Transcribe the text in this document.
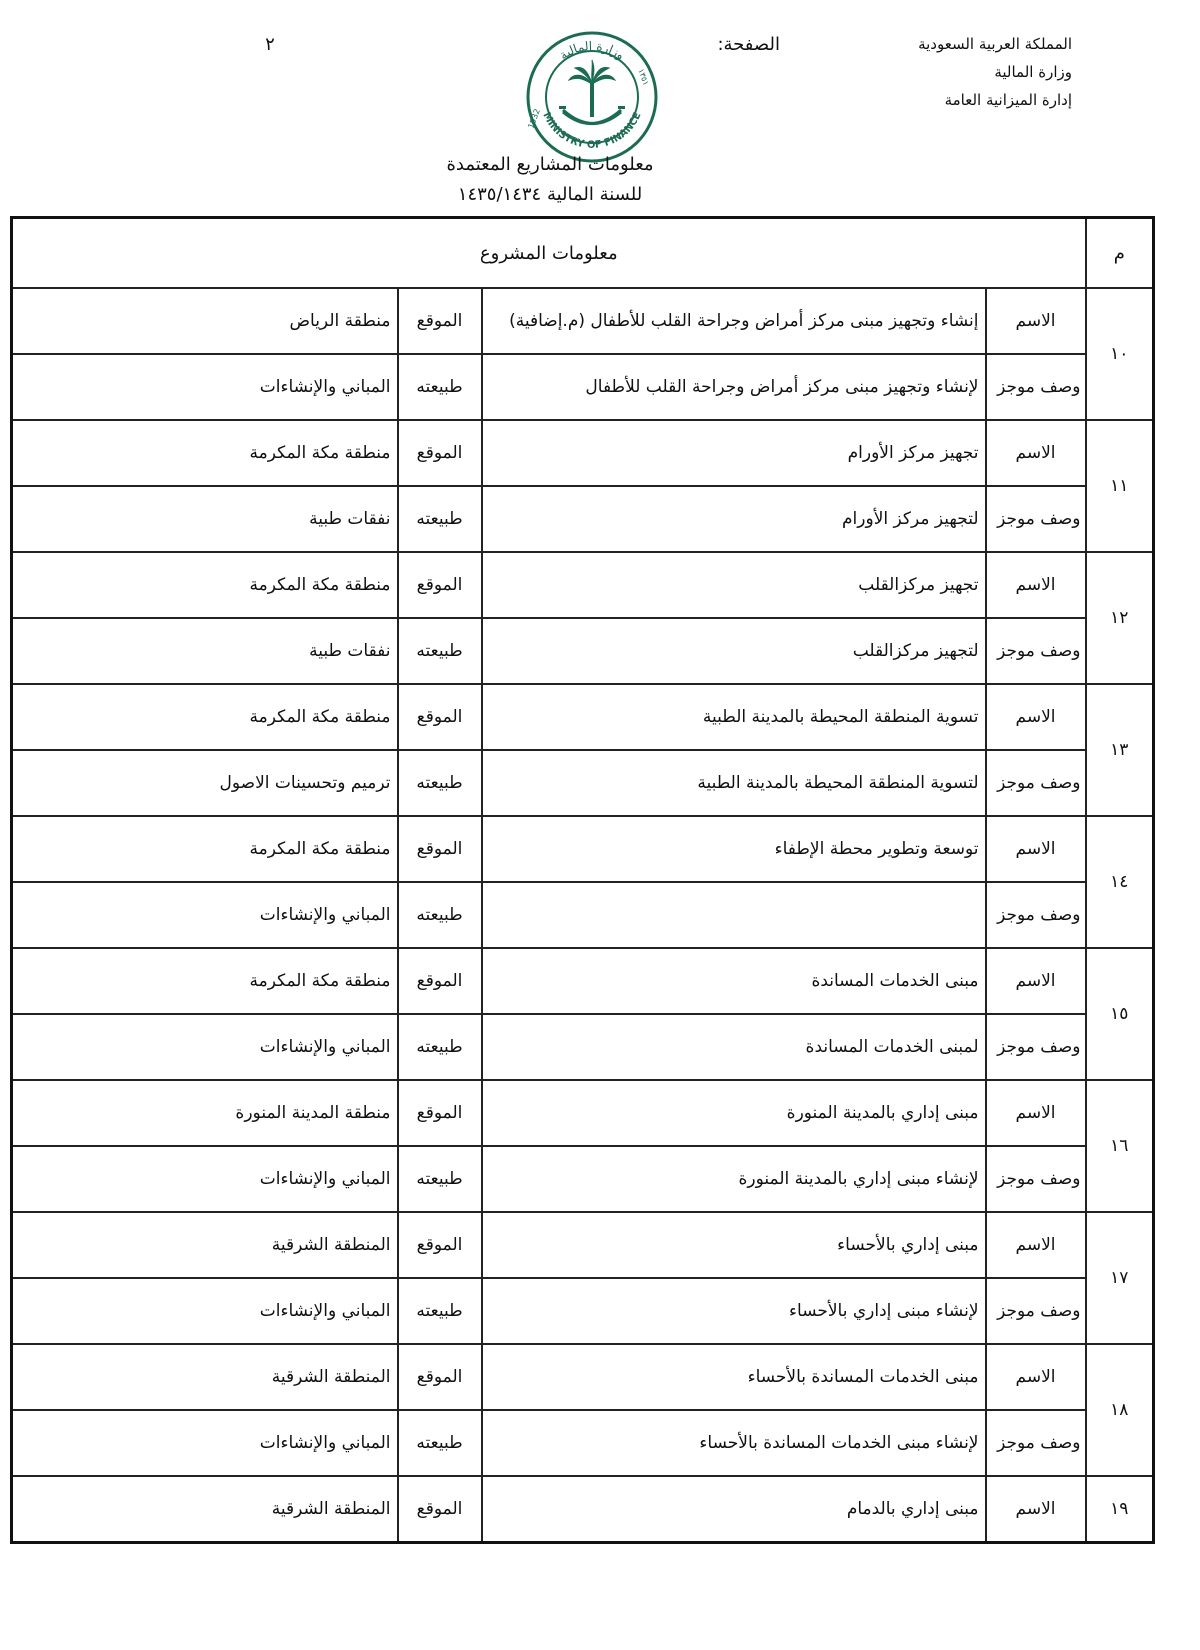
المملكة العربية السعودية
وزارة المالية
إدارة الميزانية العامة
الصفحة:
٢	وزارة المالية
MINISTRY OF FINANCE
1932
١٣٥١
معلومات المشاريع المعتمدة
للسنة المالية ١٤٣٥/١٤٣٤
م	معلومات المشروع			
١٠	الاسم	إنشاء وتجهيز مبنى مركز أمراض وجراحة القلب للأطفال (م.إضافية)	الموقع	منطقة الرياض
	وصف موجز	لإنشاء وتجهيز مبنى مركز أمراض وجراحة القلب للأطفال	طبيعته	المباني والإنشاءات
١١	الاسم	تجهيز مركز الأورام	الموقع	منطقة مكة المكرمة
	وصف موجز	لتجهيز مركز الأورام	طبيعته	نفقات طبية
١٢	الاسم	تجهيز مركزالقلب	الموقع	منطقة مكة المكرمة
	وصف موجز	لتجهيز مركزالقلب	طبيعته	نفقات طبية
١٣	الاسم	تسوية المنطقة المحيطة بالمدينة الطبية	الموقع	منطقة مكة المكرمة
	وصف موجز	لتسوية المنطقة المحيطة بالمدينة الطبية	طبيعته	ترميم وتحسينات الاصول
١٤	الاسم	توسعة وتطوير محطة الإطفاء	الموقع	منطقة مكة المكرمة
	وصف موجز		طبيعته	المباني والإنشاءات
١٥	الاسم	مبنى الخدمات المساندة	الموقع	منطقة مكة المكرمة
	وصف موجز	لمبنى الخدمات المساندة	طبيعته	المباني والإنشاءات
١٦	الاسم	مبنى إداري بالمدينة المنورة	الموقع	منطقة المدينة المنورة
	وصف موجز	لإنشاء مبنى إداري بالمدينة المنورة	طبيعته	المباني والإنشاءات
١٧	الاسم	مبنى إداري بالأحساء	الموقع	المنطقة الشرقية
	وصف موجز	لإنشاء مبنى إداري بالأحساء	طبيعته	المباني والإنشاءات
١٨	الاسم	مبنى الخدمات المساندة بالأحساء	الموقع	المنطقة الشرقية
	وصف موجز	لإنشاء مبنى الخدمات المساندة بالأحساء	طبيعته	المباني والإنشاءات
١٩	الاسم	مبنى إداري بالدمام	الموقع	المنطقة الشرقية
